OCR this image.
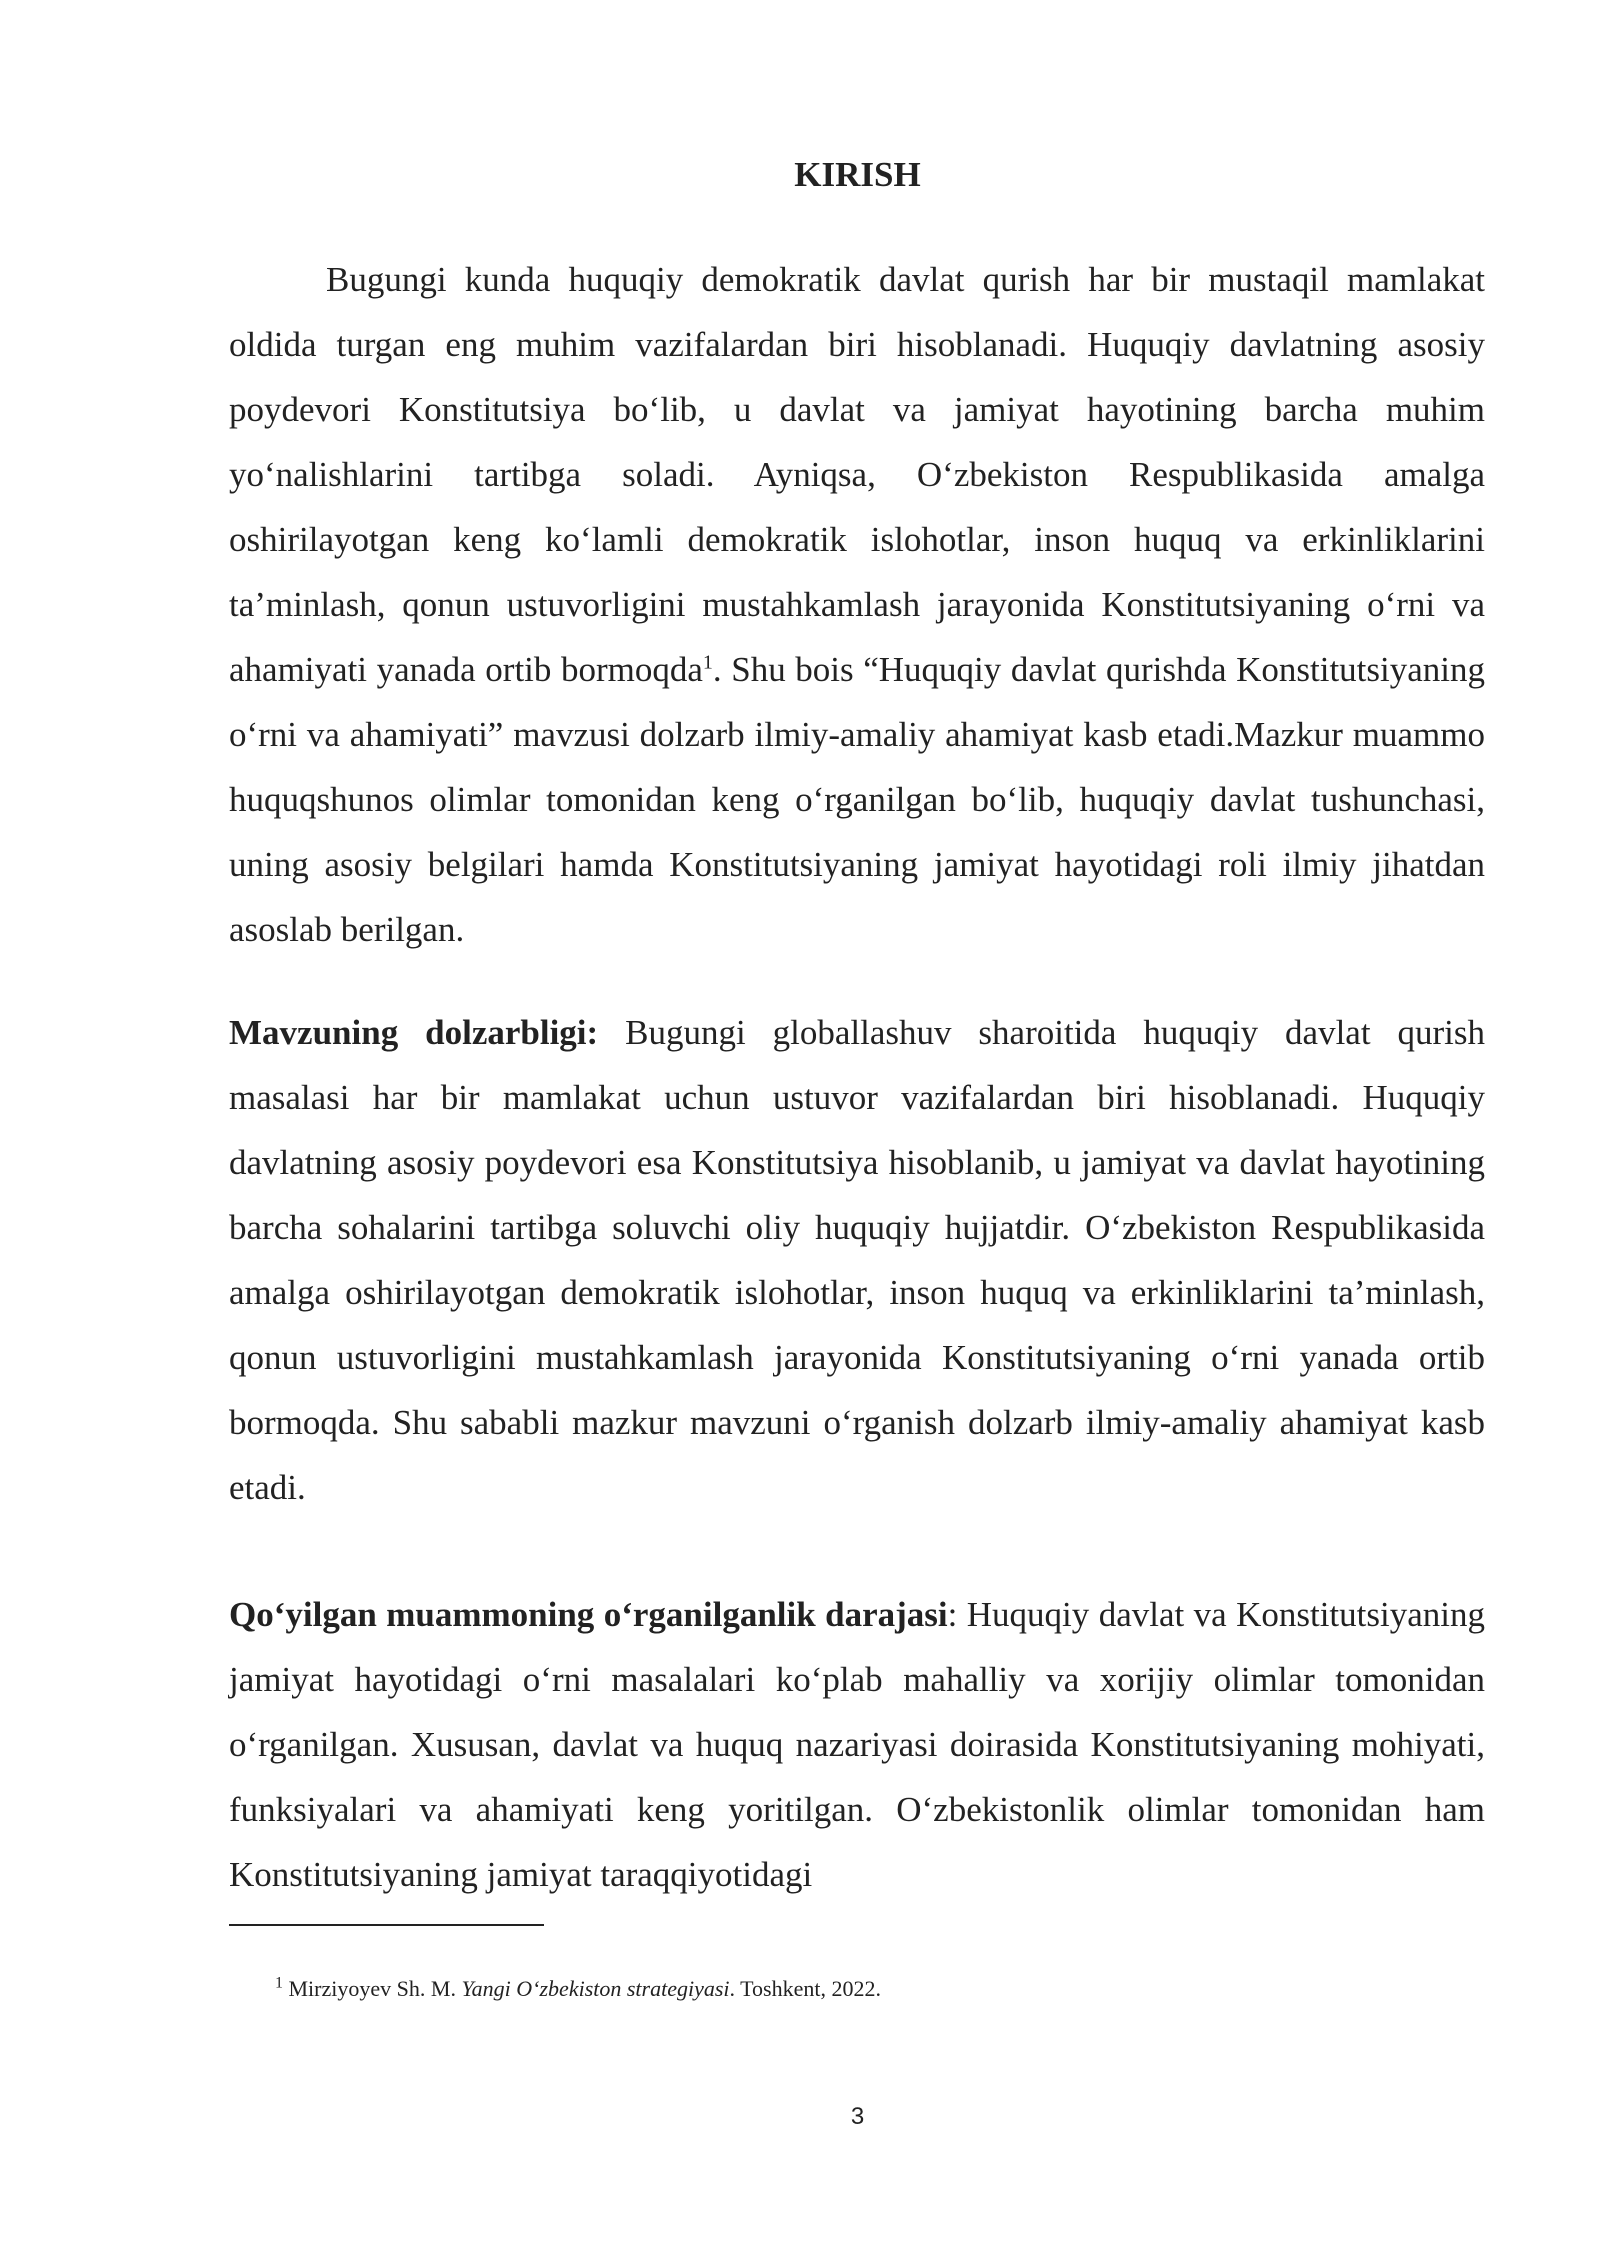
KIRISH

Bugungi kunda huquqiy demokratik davlat qurish har bir mustaqil mamlakat oldida turgan eng muhim vazifalardan biri hisoblanadi. Huquqiy davlatning asosiy poydevori Konstitutsiya bo‘lib, u davlat va jamiyat hayotining barcha muhim yo‘nalishlarini tartibga soladi. Ayniqsa, O‘zbekiston Respublikasida amalga oshirilayotgan keng ko‘lamli demokratik islohotlar, inson huquq va erkinliklarini ta’minlash, qonun ustuvorligini mustahkamlash jarayonida Konstitutsiyaning o‘rni va ahamiyati yanada ortib bormoqda$^1$. Shu bois “Huquqiy davlat qurishda Konstitutsiyaning o‘rni va ahamiyati” mavzusi dolzarb ilmiy-amaliy ahamiyat kasb etadi.Mazkur muammo huquqshunos olimlar tomonidan keng o‘rganilgan bo‘lib, huquqiy davlat tushunchasi, uning asosiy belgilari hamda Konstitutsiyaning jamiyat hayotidagi roli ilmiy jihatdan asoslab berilgan.

Mavzuning dolzarbligi: Bugungi globallashuv sharoitida huquqiy davlat qurish masalasi har bir mamlakat uchun ustuvor vazifalardan biri hisoblanadi. Huquqiy davlatning asosiy poydevori esa Konstitutsiya hisoblanib, u jamiyat va davlat hayotining barcha sohalarini tartibga soluvchi oliy huquqiy hujjatdir. O‘zbekiston Respublikasida amalga oshirilayotgan demokratik islohotlar, inson huquq va erkinliklarini ta’minlash, qonun ustuvorligini mustahkamlash jarayonida Konstitutsiyaning o‘rni yanada ortib bormoqda. Shu sababli mazkur mavzuni o‘rganish dolzarb ilmiy-amaliy ahamiyat kasb etadi.

Qo‘yilgan muammoning o‘rganilganlik darajasi: Huquqiy davlat va Konstitutsiyaning jamiyat hayotidagi o‘rni masalalari ko‘plab mahalliy va xorijiy olimlar tomonidan o‘rganilgan. Xususan, davlat va huquq nazariyasi doirasida Konstitutsiyaning mohiyati, funksiyalari va ahamiyati keng yoritilgan. O‘zbekistonlik olimlar tomonidan ham Konstitutsiyaning jamiyat taraqqiyotidagi

$^1$ Mirziyoyev Sh. M. Yangi O‘zbekiston strategiyasi. Toshkent, 2022.
3
